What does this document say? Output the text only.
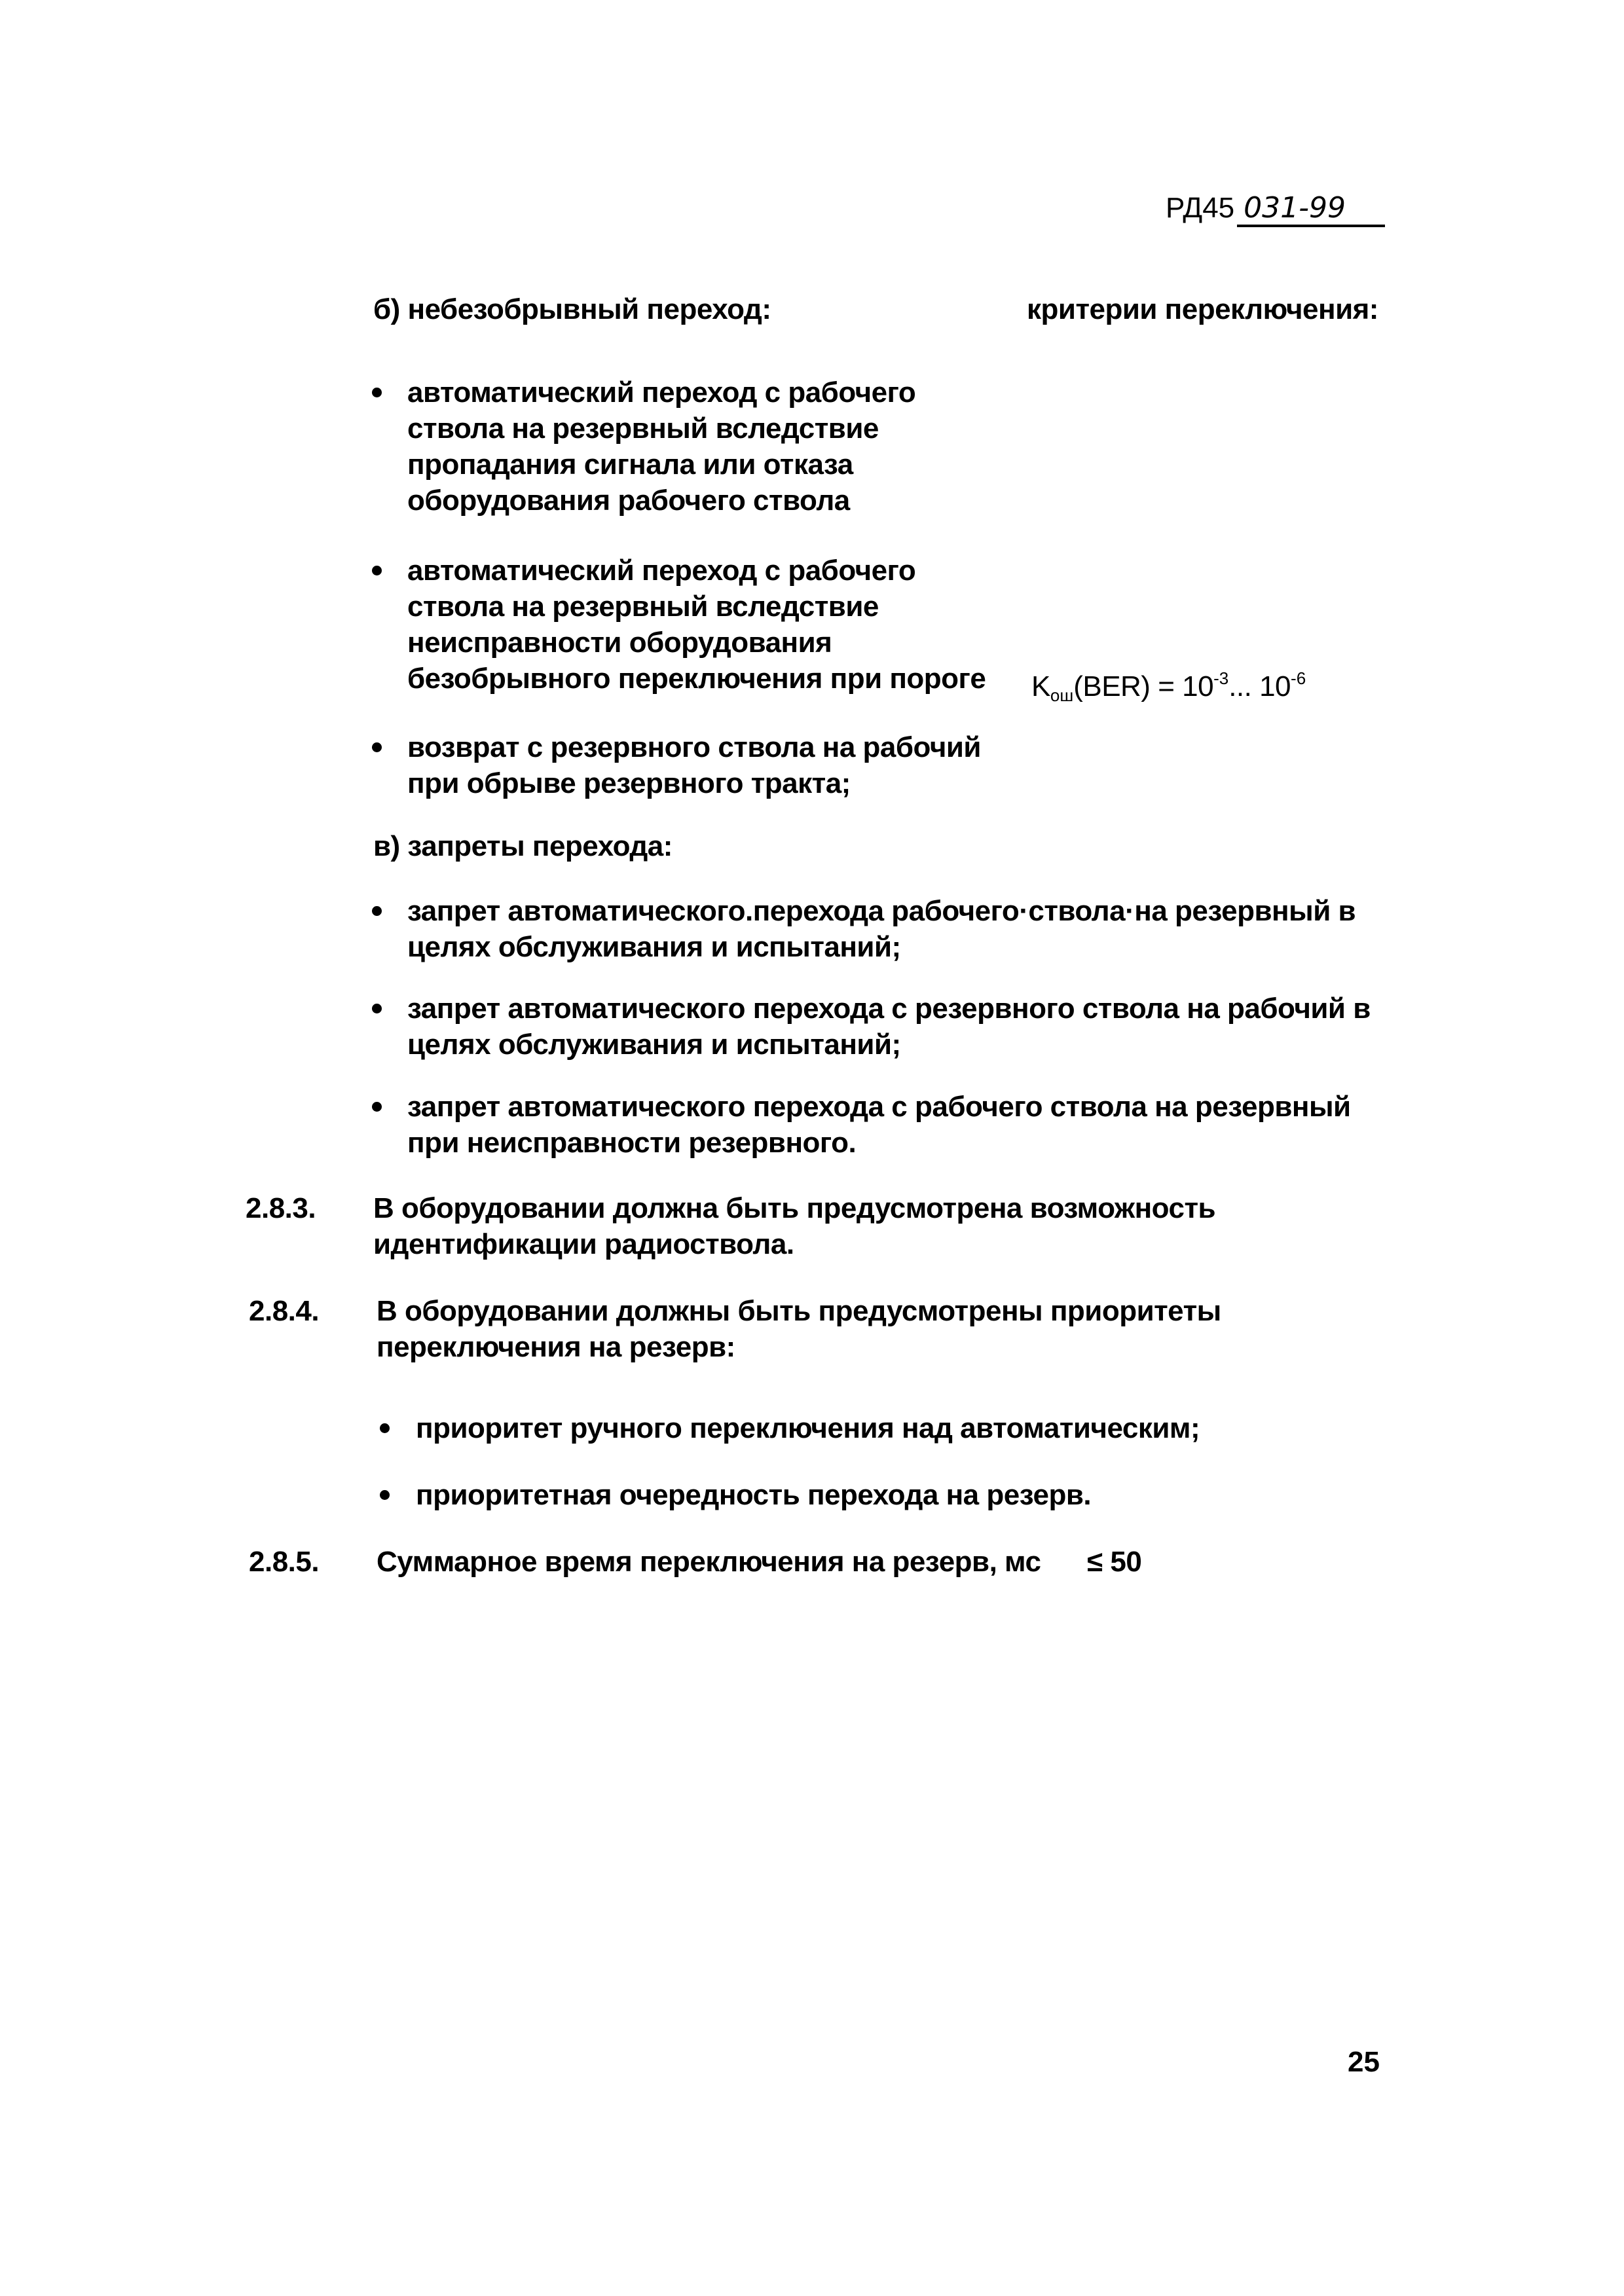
РД45 031-99
б) небезобрывный переход:	критерии переключения:
автоматический переход с рабочего
ствола на резервный вследствие
пропадания сигнала или отказа
оборудования рабочего ствола
автоматический переход с рабочего
ствола на резервный вследствие
неисправности оборудования
безобрывного переключения при пороге $K_{ош}(BER) = 10^{-3}$... $10^{-6}$
возврат с резервного ствола на рабочий
при обрыве резервного тракта;
в) запреты перехода:
запрет автоматического.перехода рабочего·ствола·на резервный в
целях обслуживания и испытаний;
запрет автоматического перехода с резервного ствола на рабочий в
целях обслуживания и испытаний;
запрет автоматического перехода с рабочего ствола на резервный
при неисправности резервного.
2.8.3. В оборудовании должна быть предусмотрена возможность
идентификации радиоствола.
2.8.4. В оборудовании должны быть предусмотрены приоритеты
переключения на резерв:
приоритет ручного переключения над автоматическим;
приоритетная очередность перехода на резерв.
2.8.5. Суммарное время переключения на резерв, мс ≤ 50
25
